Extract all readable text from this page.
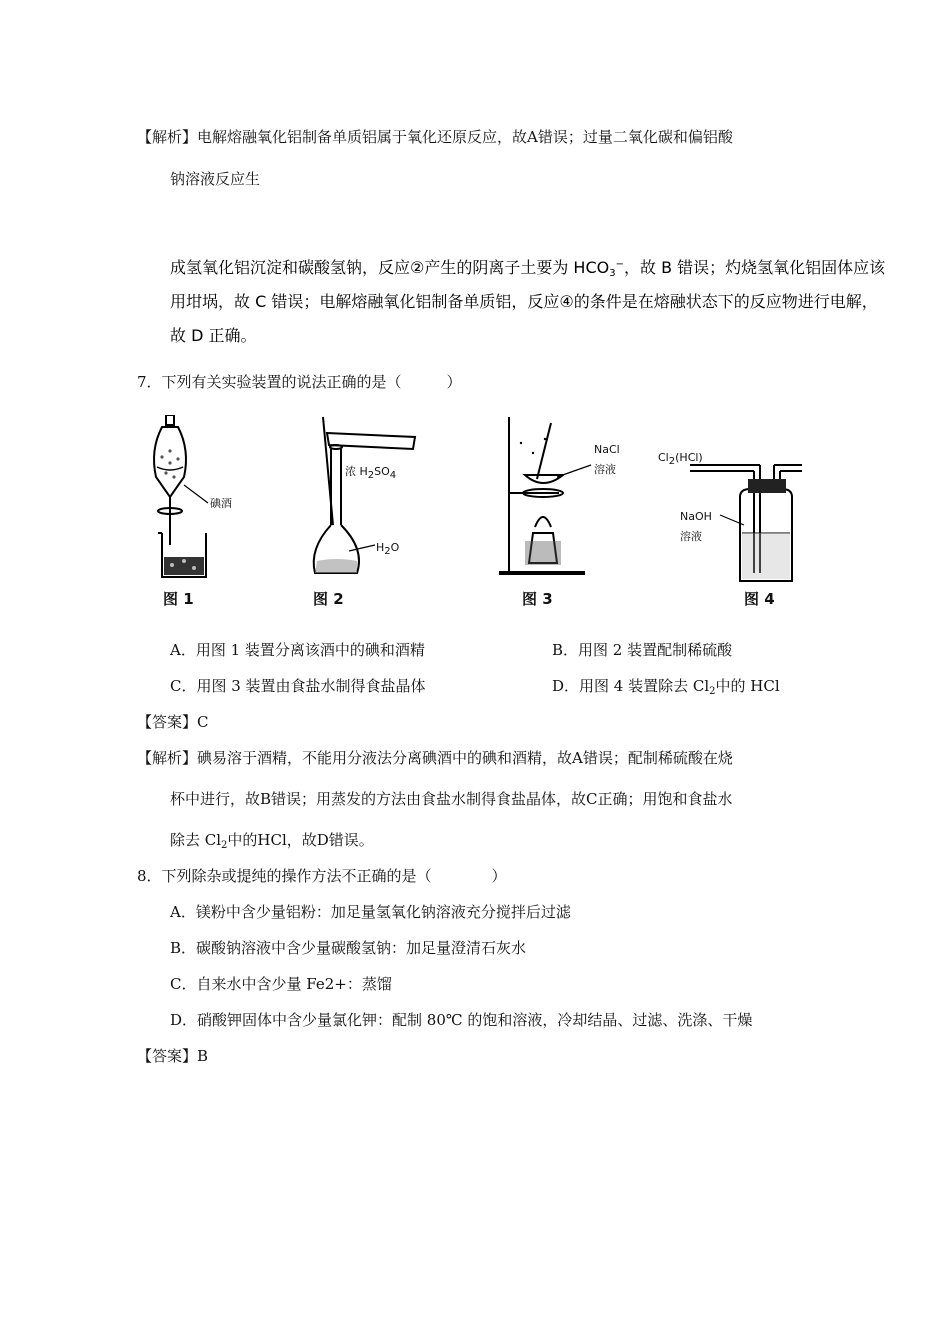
【解析】电解熔融氧化铝制备单质铝属于氧化还原反应，故A错误；过量二氧化碳和偏铝酸
钠溶液反应生
成氢氧化铝沉淀和碳酸氢钠，反应②产生的阴离子土要为 $HCO_3^-$，故 B 错误；灼烧氢氧化铝固体应该
用坩埚，故 C 错误；电解熔融氧化铝制备单质铝，反应④的条件是在熔融状态下的反应物进行电解，
故 D 正确。
7．下列有关实验装置的说法正确的是（　　　）
碘酒
图 1
浓 $H_2SO_4$
$H_2O$
图 2
NaCl
溶液
图 3
$Cl_2(HCl)$
NaOH
溶液
图 4
A．用图 1 装置分离该酒中的碘和酒精	B．用图 2 装置配制稀硫酸
C．用图 3 装置由食盐水制得食盐晶体	D．用图 4 装置除去 $Cl_2$中的 HCl
【答案】C
【解析】碘易溶于酒精，不能用分液法分离碘酒中的碘和酒精，故A错误；配制稀硫酸在烧
杯中进行，故B错误；用蒸发的方法由食盐水制得食盐晶体，故C正确；用饱和食盐水
除去 $Cl_2$中的HCl，故D错误。
8．下列除杂或提纯的操作方法不正确的是（　　　　）
A．镁粉中含少量铝粉：加足量氢氧化钠溶液充分搅拌后过滤
B．碳酸钠溶液中含少量碳酸氢钠：加足量澄清石灰水
C．自来水中含少量 Fe2+：蒸馏
D．硝酸钾固体中含少量氯化钾：配制 80℃ 的饱和溶液，冷却结晶、过滤、洗涤、干燥
【答案】B
